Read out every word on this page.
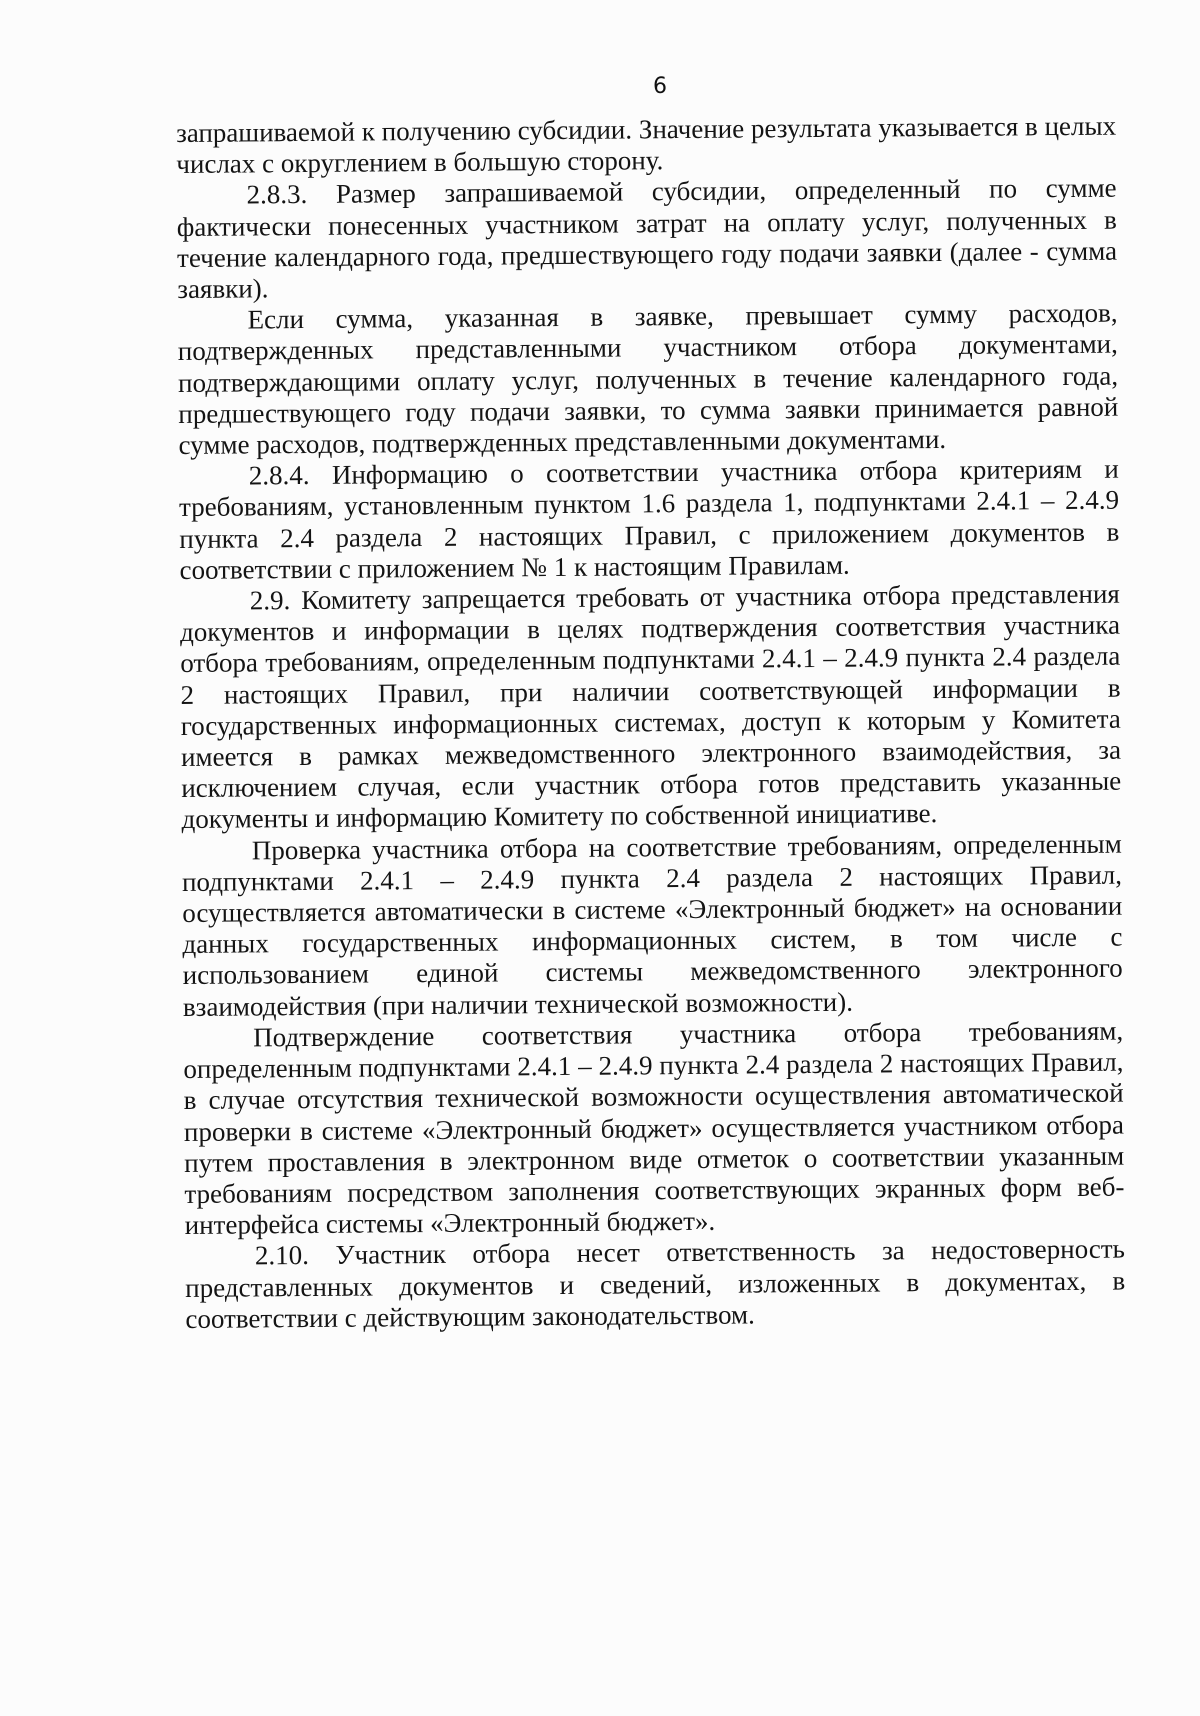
6

запрашиваемой к получению субсидии. Значение результата указывается в целых числах с округлением в большую сторону.

2.8.3. Размер запрашиваемой субсидии, определенный по сумме фактически понесенных участником затрат на оплату услуг, полученных в течение календарного года, предшествующего году подачи заявки (далее - сумма заявки).

Если сумма, указанная в заявке, превышает сумму расходов, подтвержденных представленными участником отбора документами, подтверждающими оплату услуг, полученных в течение календарного года, предшествующего году подачи заявки, то сумма заявки принимается равной сумме расходов, подтвержденных представленными документами.

2.8.4. Информацию о соответствии участника отбора критериям и требованиям, установленным пунктом 1.6 раздела 1, подпунктами 2.4.1 – 2.4.9 пункта 2.4 раздела 2 настоящих Правил, с приложением документов в соответствии с приложением № 1 к настоящим Правилам.

2.9. Комитету запрещается требовать от участника отбора представления документов и информации в целях подтверждения соответствия участника отбора требованиям, определенным подпунктами 2.4.1 – 2.4.9 пункта 2.4 раздела 2 настоящих Правил, при наличии соответствующей информации в государственных информационных системах, доступ к которым у Комитета имеется в рамках межведомственного электронного взаимодействия, за исключением случая, если участник отбора готов представить указанные документы и информацию Комитету по собственной инициативе.

Проверка участника отбора на соответствие требованиям, определенным подпунктами 2.4.1 – 2.4.9 пункта 2.4 раздела 2 настоящих Правил, осуществляется автоматически в системе «Электронный бюджет» на основании данных государственных информационных систем, в том числе с использованием единой системы межведомственного электронного взаимодействия (при наличии технической возможности).

Подтверждение соответствия участника отбора требованиям, определенным подпунктами 2.4.1 – 2.4.9 пункта 2.4 раздела 2 настоящих Правил, в случае отсутствия технической возможности осуществления автоматической проверки в системе «Электронный бюджет» осуществляется участником отбора путем проставления в электронном виде отметок о соответствии указанным требованиям посредством заполнения соответствующих экранных форм веб-интерфейса системы «Электронный бюджет».

2.10. Участник отбора несет ответственность за недостоверность представленных документов и сведений, изложенных в документах, в соответствии с действующим законодательством.
